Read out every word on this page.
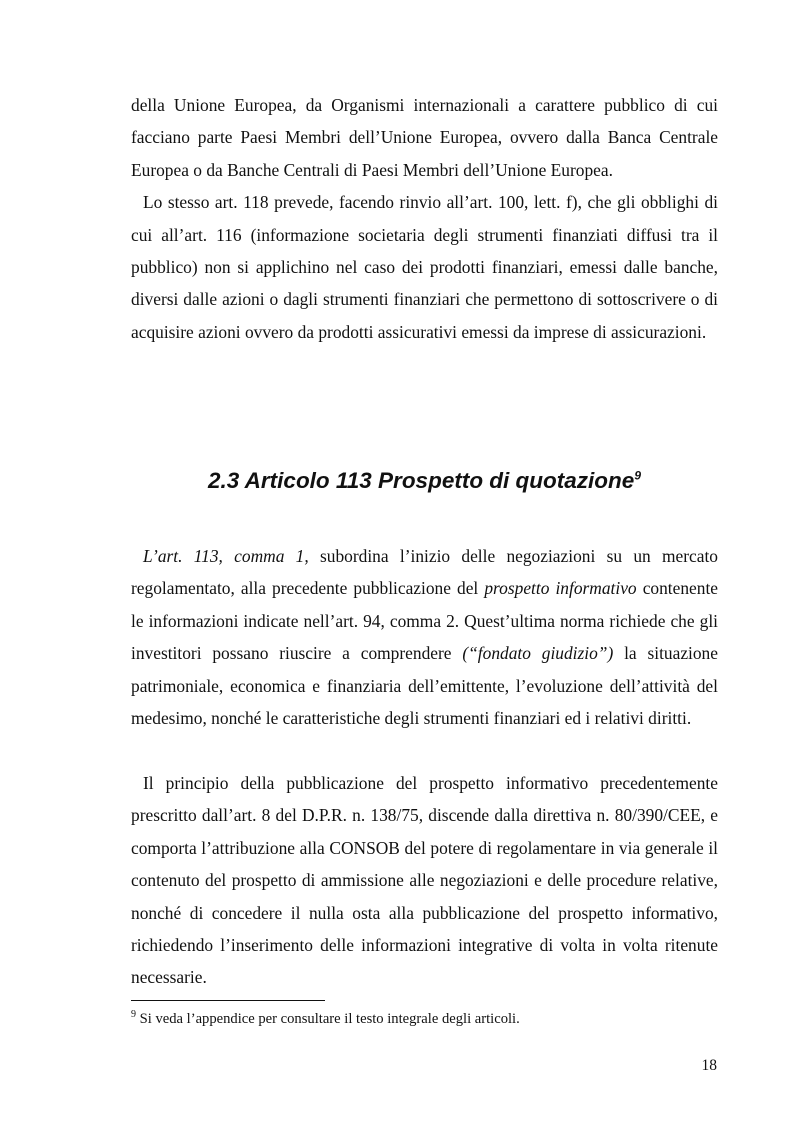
della Unione Europea, da Organismi internazionali a carattere pubblico di cui facciano parte Paesi Membri dell’Unione Europea, ovvero dalla Banca Centrale Europea o da Banche Centrali di Paesi Membri dell’Unione Europea.

Lo stesso art. 118 prevede, facendo rinvio all’art. 100, lett. f), che gli obblighi di cui all’art. 116 (informazione societaria degli strumenti finanziati diffusi tra il pubblico) non si applichino nel caso dei prodotti finanziari, emessi dalle banche, diversi dalle azioni o dagli strumenti finanziari che permettono di sottoscrivere o di acquisire azioni ovvero da prodotti assicurativi emessi da imprese di assicurazioni.

2.3 Articolo 113 Prospetto di quotazione$^9$

L’art. 113, comma 1, subordina l’inizio delle negoziazioni su un mercato regolamentato, alla precedente pubblicazione del prospetto informativo contenente le informazioni indicate nell’art. 94, comma 2. Quest’ultima norma richiede che gli investitori possano riuscire a comprendere (“fondato giudizio”) la situazione patrimoniale, economica e finanziaria dell’emittente, l’evoluzione dell’attività del medesimo, nonché le caratteristiche degli strumenti finanziari ed i relativi diritti.

Il principio della pubblicazione del prospetto informativo precedentemente prescritto dall’art. 8 del D.P.R. n. 138/75, discende dalla direttiva n. 80/390/CEE, e comporta l’attribuzione alla CONSOB del potere di regolamentare in via generale il contenuto del prospetto di ammissione alle negoziazioni e delle procedure relative, nonché di concedere il nulla osta alla pubblicazione del prospetto informativo, richiedendo l’inserimento delle informazioni integrative di volta in volta ritenute necessarie.

$^9$ Si veda l’appendice per consultare il testo integrale degli articoli.

18
